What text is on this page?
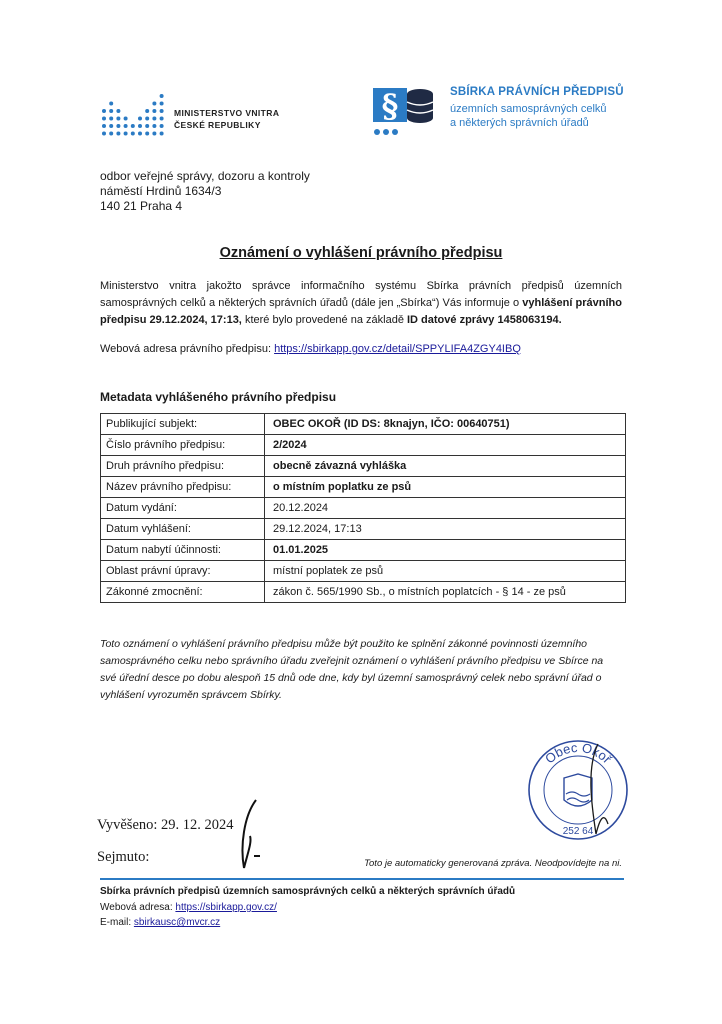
MINISTERSTVO VNITRA
ČESKÉ REPUBLIKY	§	SBÍRKA PRÁVNÍCH PŘEDPISŮ
územních samosprávných celků
a některých správních úřadů
odbor veřejné správy, dozoru a kontroly
náměstí Hrdinů 1634/3
140 21 Praha 4
Oznámení o vyhlášení právního předpisu
Ministerstvo vnitra jakožto správce informačního systému Sbírka právních předpisů územních samosprávných celků a některých správních úřadů (dále jen „Sbírka“) Vás informuje o vyhlášení právního předpisu 29.12.2024, 17:13, které bylo provedené na základě ID datové zprávy 1458063194.
Webová adresa právního předpisu: https://sbirkapp.gov.cz/detail/SPPYLIFA4ZGY4IBQ
Metadata vyhlášeného právního předpisu
Publikující subjekt:	OBEC OKOŘ (ID DS: 8knajyn, IČO: 00640751)
Číslo právního předpisu:	2/2024
Druh právního předpisu:	obecně závazná vyhláška
Název právního předpisu:	o místním poplatku ze psů
Datum vydání:	20.12.2024
Datum vyhlášení:	29.12.2024, 17:13
Datum nabytí účinnosti:	01.01.2025
Oblast právní úpravy:	místní poplatek ze psů
Zákonné zmocnění:	zákon č. 565/1990 Sb., o místních poplatcích - § 14 - ze psů
Toto oznámení o vyhlášení právního předpisu může být použito ke splnění zákonné povinnosti územního samosprávného celku nebo správního úřadu zveřejnit oznámení o vyhlášení právního předpisu ve Sbírce na své úřední desce po dobu alespoň 15 dnů ode dne, kdy byl územní samosprávný celek nebo správní úřad o vyhlášení vyrozuměn správcem Sbírky.
Obec Okoř
252 64
Vyvěšeno: 29. 12. 2024
Sejmuto:	Toto je automaticky generovaná zpráva. Neodpovídejte na ni.
Sbírka právních předpisů územních samosprávných celků a některých správních úřadů
Webová adresa: https://sbirkapp.gov.cz/
E-mail: sbirkausc@mvcr.cz
